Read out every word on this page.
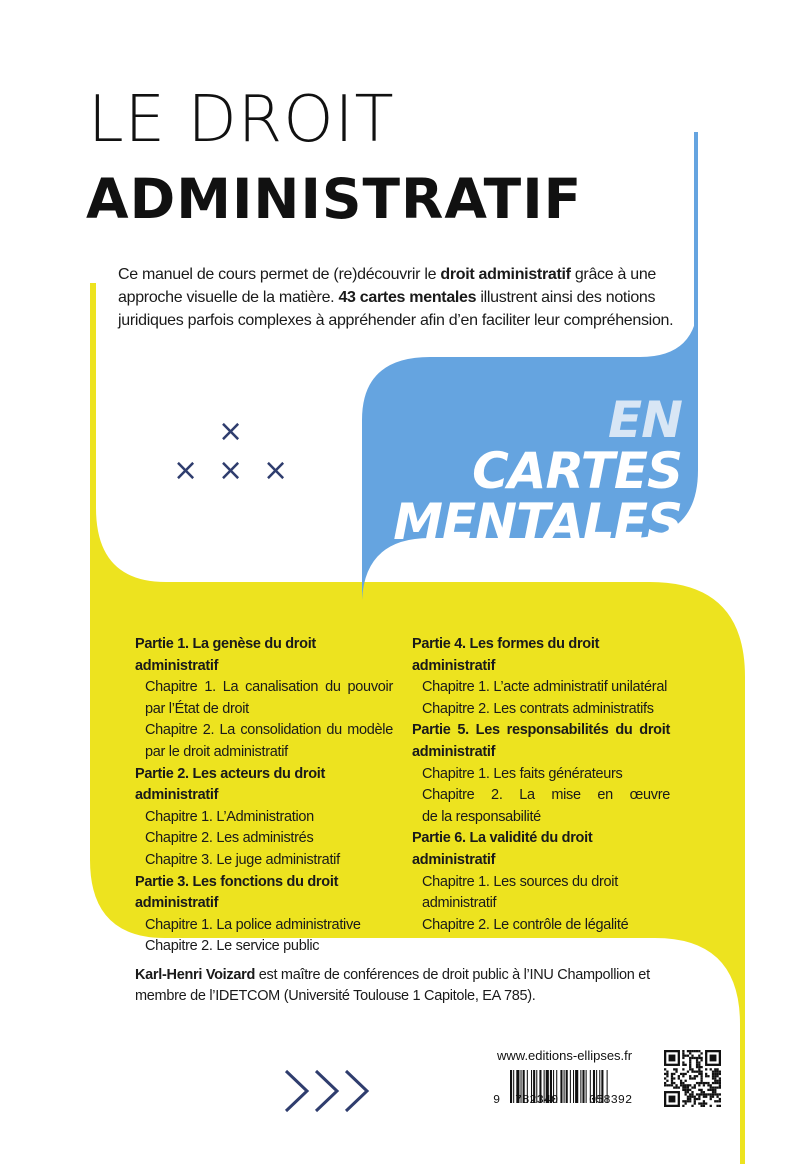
LE DROIT
ADMINISTRATIF
Ce manuel de cours permet de (re)découvrir le droit administratif grâce à une approche visuelle de la matière. 43 cartes mentales illustrent ainsi des notions juridiques parfois complexes à appréhender afin d’en faciliter leur compréhension.
EN CARTES
MENTALES
×
× × ×
Partie 1. La genèse du droit administratif
Chapitre 1. La canalisation du pouvoir
par l’État de droit
Chapitre 2. La consolidation du modèle
par le droit administratif
Partie 2. Les acteurs du droit administratif
Chapitre 1. L’Administration
Chapitre 2. Les administrés
Chapitre 3. Le juge administratif
Partie 3. Les fonctions du droit administratif
Chapitre 1. La police administrative
Chapitre 2. Le service public
Partie 4. Les formes du droit administratif
Chapitre 1. L’acte administratif unilatéral
Chapitre 2. Les contrats administratifs
Partie 5. Les responsabilités du droit
administratif
Chapitre 1. Les faits générateurs
Chapitre 2. La mise en œuvre
de la responsabilité
Partie 6. La validité du droit administratif
Chapitre 1. Les sources du droit administratif
Chapitre 2. Le contrôle de légalité
Karl-Henri Voizard est maître de conférences de droit public à l’INU Champollion et membre de l’IDETCOM (Université Toulouse 1 Capitole, EA 785).
www.editions-ellipses.fr
9 782340	058392
